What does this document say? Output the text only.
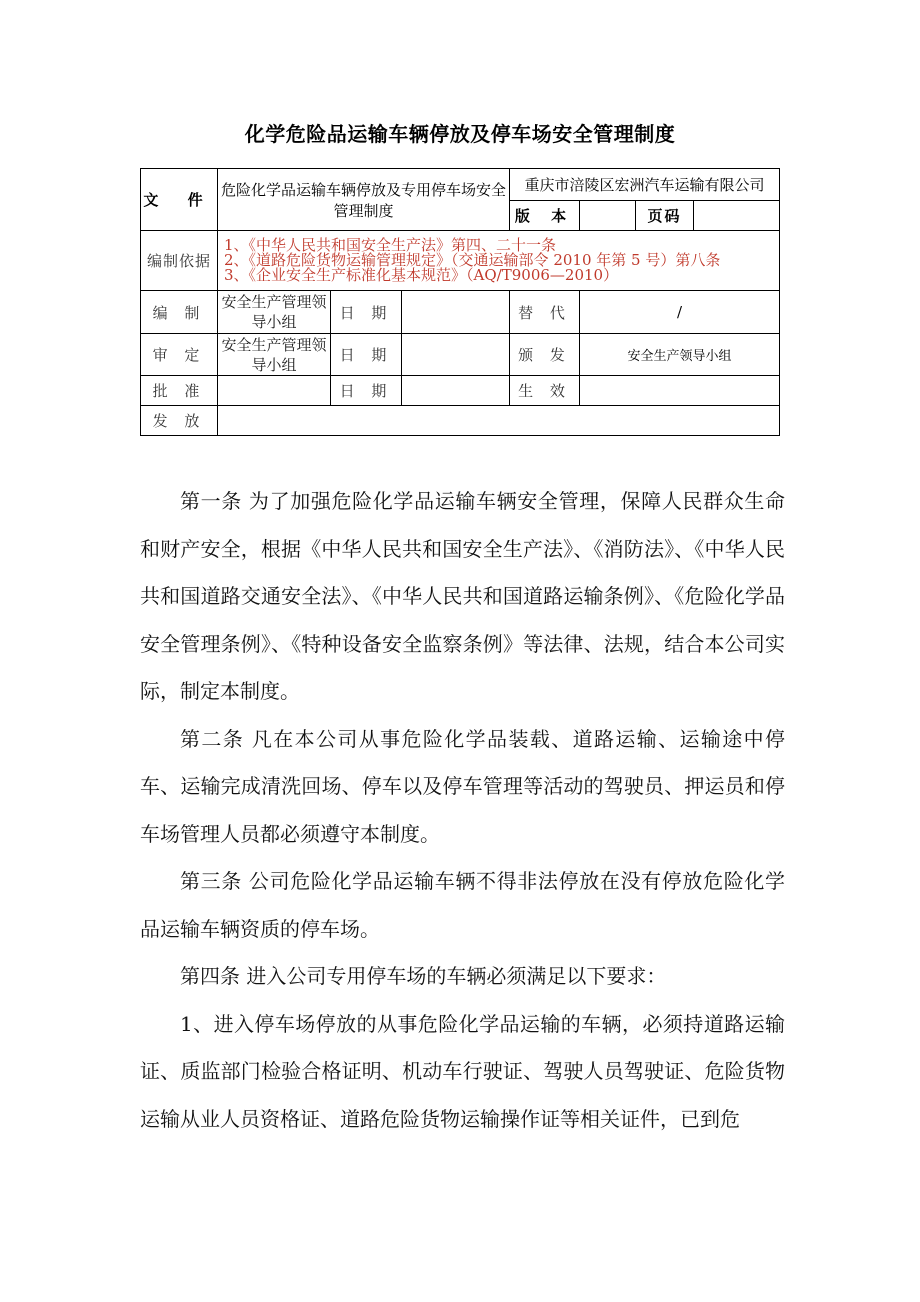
化学危险品运输车辆停放及停车场安全管理制度
文 件	危险化学品运输车辆停放及专用停车场安全管理制度			重庆市涪陵区宏洲汽车运输有限公司			
				版 本		页码	
编制依据	1、《中华人民共和国安全生产法》第四、二十一条
2、《道路危险货物运输管理规定》（交通运输部令 2010 年第 5 号）第八条
3、《企业安全生产标准化基本规范》（AQ/T9006—2010）						

编 制	安全生产管理领导小组	日 期		替 代	/		
审 定	安全生产管理领导小组	日 期		颁 发	安全生产领导小组		
批 准		日 期		生 效			
发 放							

第一条 为了加强危险化学品运输车辆安全管理，保障人民群众生命和财产安全，根据《中华人民共和国安全生产法》、《消防法》、《中华人民共和国道路交通安全法》、《中华人民共和国道路运输条例》、《危险化学品安全管理条例》、《特种设备安全监察条例》等法律、法规，结合本公司实际，制定本制度。

第二条 凡在本公司从事危险化学品装载、道路运输、运输途中停车、运输完成清洗回场、停车以及停车管理等活动的驾驶员、押运员和停车场管理人员都必须遵守本制度。

第三条 公司危险化学品运输车辆不得非法停放在没有停放危险化学品运输车辆资质的停车场。

第四条 进入公司专用停车场的车辆必须满足以下要求：

1、进入停车场停放的从事危险化学品运输的车辆，必须持道路运输证、质监部门检验合格证明、机动车行驶证、驾驶人员驾驶证、危险货物运输从业人员资格证、道路危险货物运输操作证等相关证件，已到危
